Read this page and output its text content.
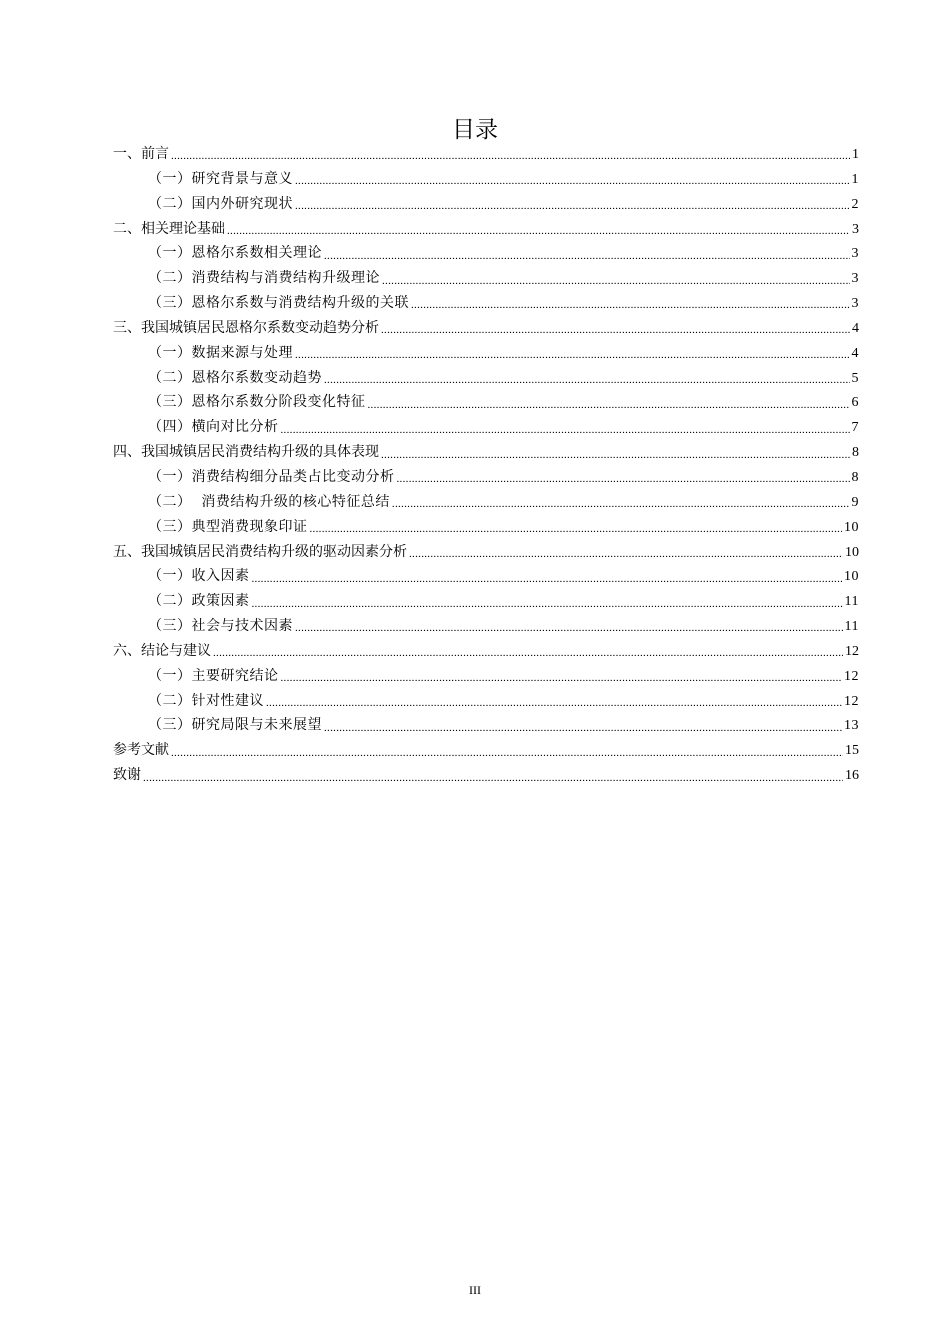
目录
一、前言 .....	1
（一）研究背景与意义 .....	1
（二）国内外研究现状 .....	2
二、相关理论基础 .....	3
（一）恩格尔系数相关理论 .....	3
（二）消费结构与消费结构升级理论 .....	3
（三）恩格尔系数与消费结构升级的关联 .....	3
三、我国城镇居民恩格尔系数变动趋势分析 .....	4
（一）数据来源与处理 .....	4
（二）恩格尔系数变动趋势 .....	5
（三）恩格尔系数分阶段变化特征 .....	6
（四）横向对比分析 .....	7
四、我国城镇居民消费结构升级的具体表现 .....	8
（一）消费结构细分品类占比变动分析 .....	8
（二）  消费结构升级的核心特征总结 .....	9
（三）典型消费现象印证 .....	10
五、我国城镇居民消费结构升级的驱动因素分析 .....	10
（一）收入因素 .....	10
（二）政策因素 .....	11
（三）社会与技术因素 .....	11
六、结论与建议 .....	12
（一）主要研究结论 .....	12
（二）针对性建议 .....	12
（三）研究局限与未来展望 .....	13
参考文献 .....	15
致谢 .....	16
III
